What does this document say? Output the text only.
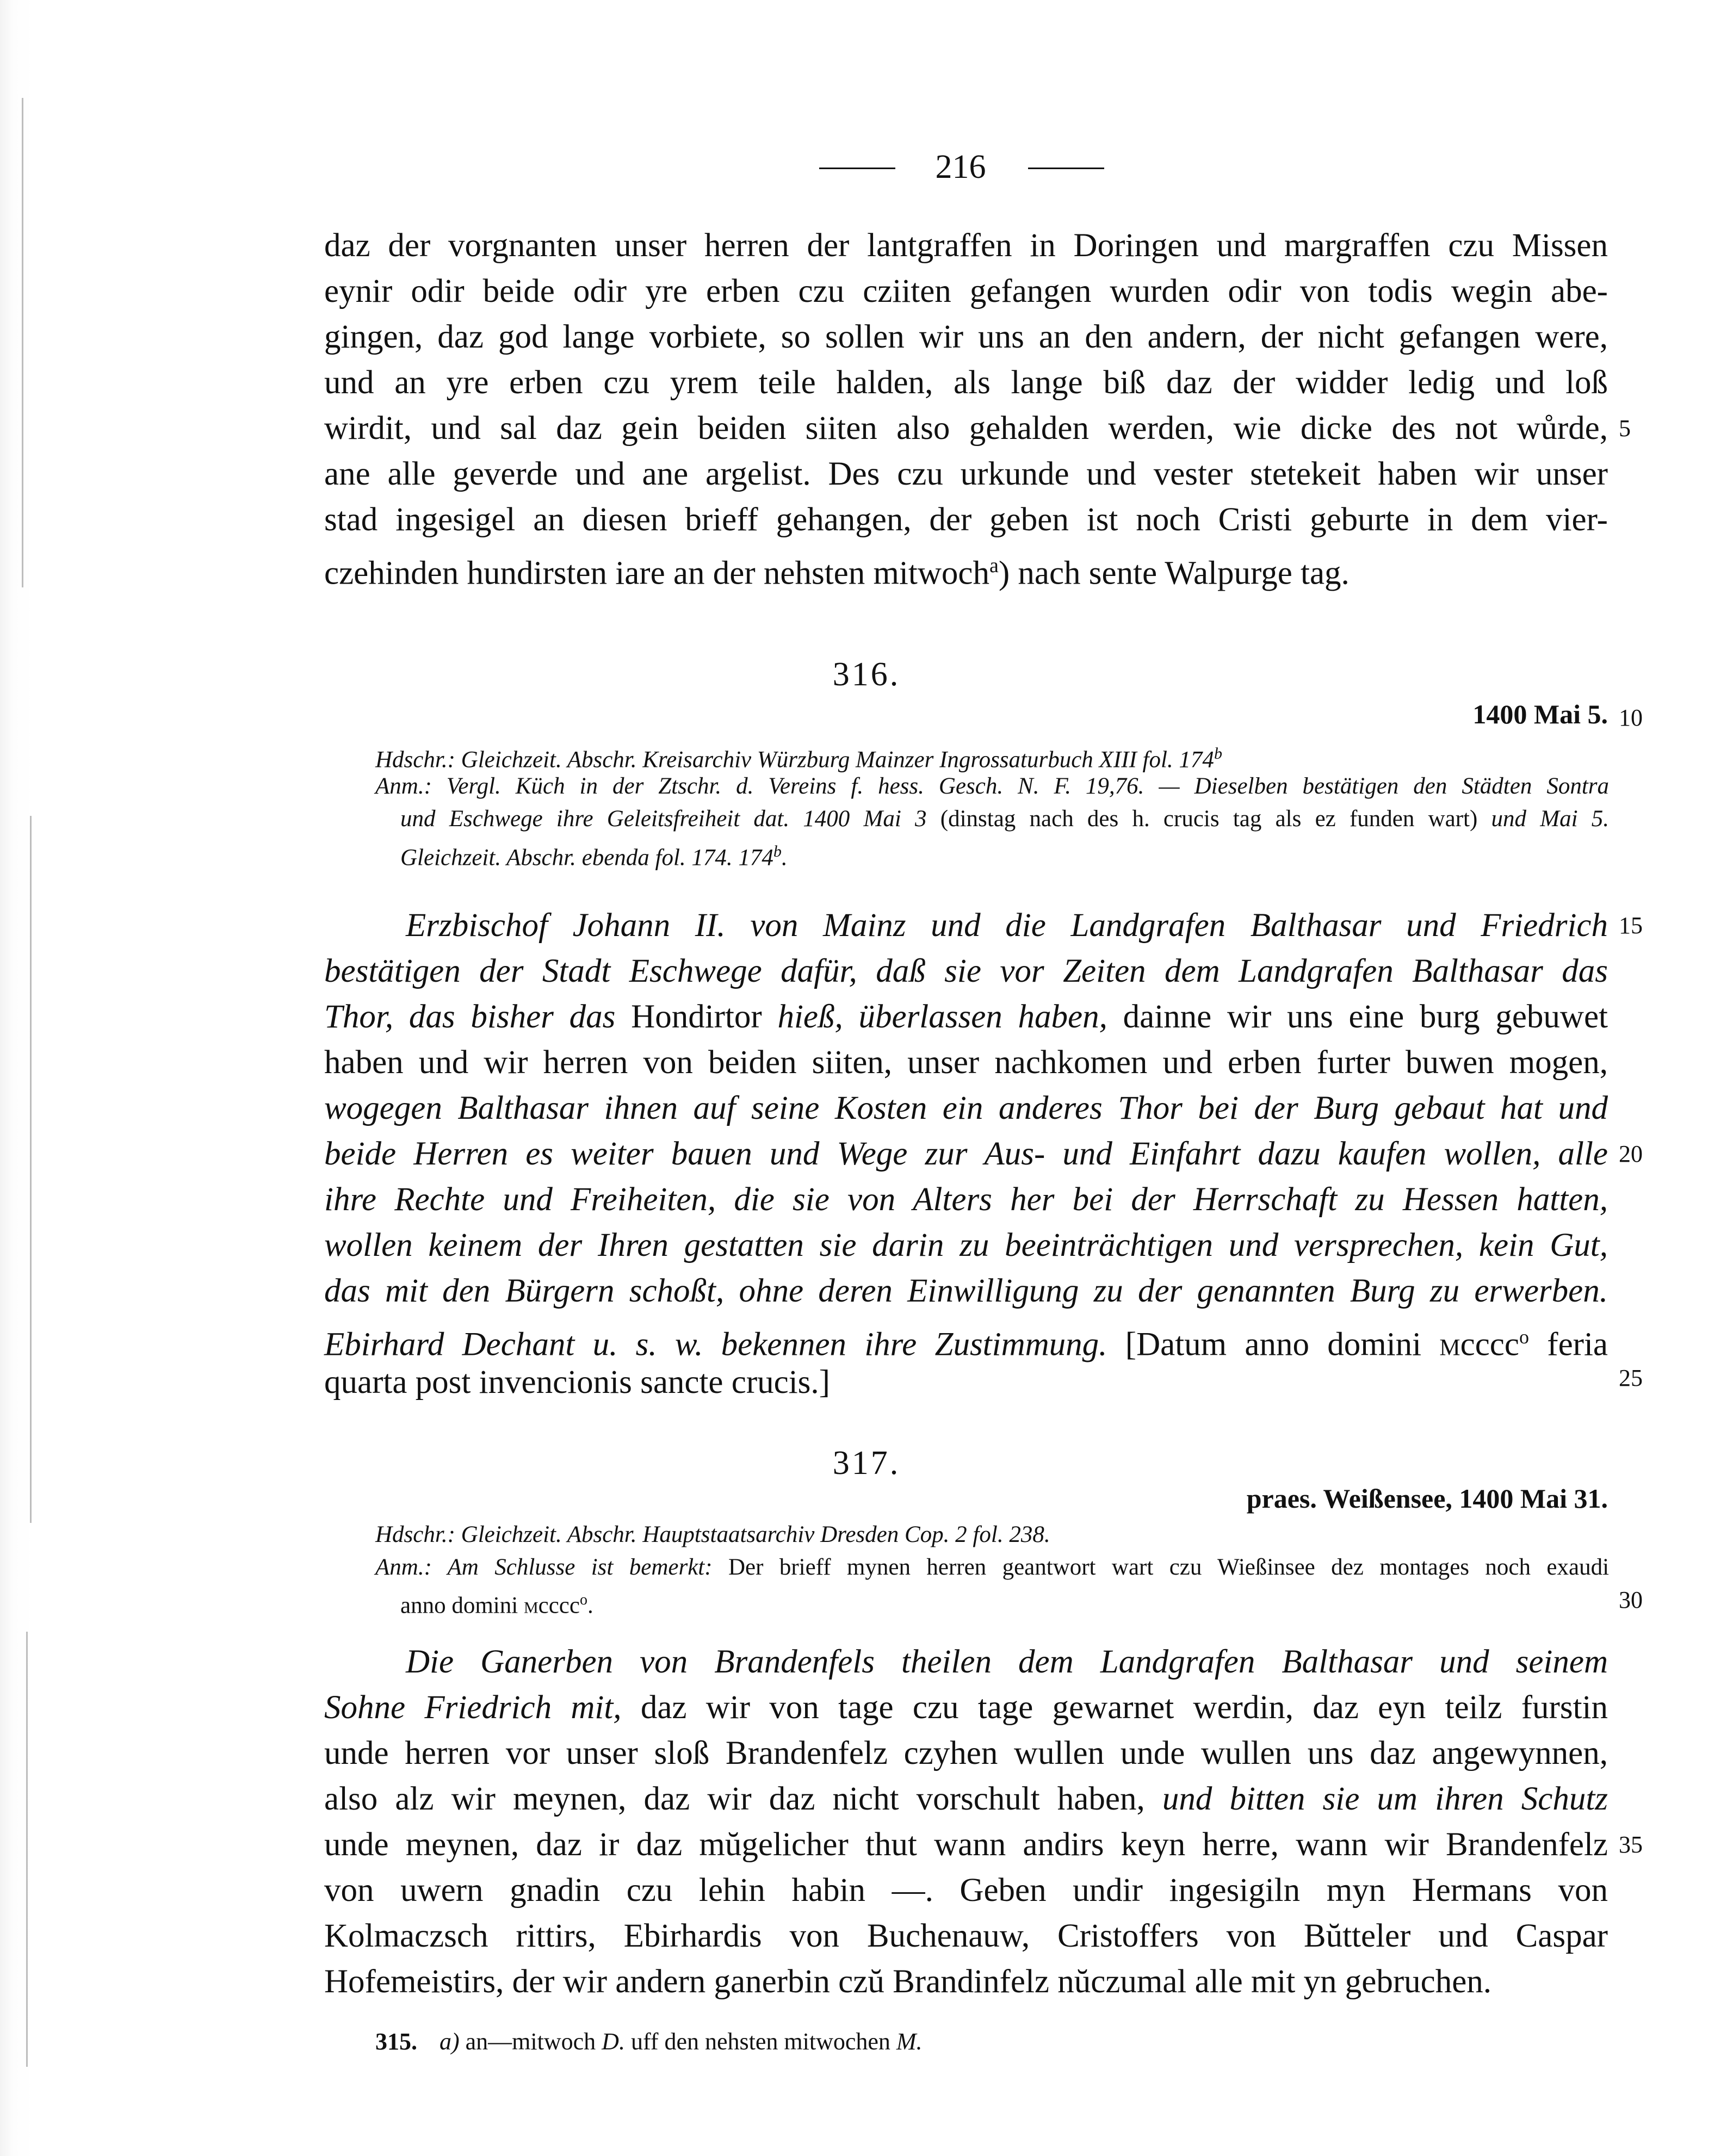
216
daz der vorgnanten unser herren der lantgraffen in Doringen und margraffen czu Missen
eynir odir beide odir yre erben czu cziiten gefangen wurden odir von todis wegin abe-
gingen, daz god lange vorbiete, so sollen wir uns an den andern, der nicht gefangen were,
und an yre erben czu yrem teile halden, als lange biß daz der widder ledig und loß
wirdit, und sal daz gein beiden siiten also gehalden werden, wie dicke des not wůrde,
ane alle geverde und ane argelist. Des czu urkunde und vester stetekeit haben wir unser
stad ingesigel an diesen brieff gehangen, der geben ist noch Cristi geburte in dem vier-
czehinden hundirsten iare an der nehsten mitwoch$^a$) nach sente Walpurge tag.
316.
1400 Mai 5.
Hdschr.: Gleichzeit. Abschr. Kreisarchiv Würzburg Mainzer Ingrossaturbuch XIII fol. 174$^b$
Anm.: Vergl. Küch in der Ztschr. d. Vereins f. hess. Gesch. N. F. 19,76. — Dieselben bestätigen den Städten Sontra
und Eschwege ihre Geleitsfreiheit dat. 1400 Mai 3 (dinstag nach des h. crucis tag als ez funden wart) und Mai 5.
Gleichzeit. Abschr. ebenda fol. 174. 174$^b$.
Erzbischof Johann II. von Mainz und die Landgrafen Balthasar und Friedrich
bestätigen der Stadt Eschwege dafür, daß sie vor Zeiten dem Landgrafen Balthasar das
Thor, das bisher das Hondirtor hieß, überlassen haben, dainne wir uns eine burg gebuwet
haben und wir herren von beiden siiten, unser nachkomen und erben furter buwen mogen,
wogegen Balthasar ihnen auf seine Kosten ein anderes Thor bei der Burg gebaut hat und
beide Herren es weiter bauen und Wege zur Aus- und Einfahrt dazu kaufen wollen, alle
ihre Rechte und Freiheiten, die sie von Alters her bei der Herrschaft zu Hessen hatten,
wollen keinem der Ihren gestatten sie darin zu beeinträchtigen und versprechen, kein Gut,
das mit den Bürgern schoßt, ohne deren Einwilligung zu der genannten Burg zu erwerben.
Ebirhard Dechant u. s. w. bekennen ihre Zustimmung. [Datum anno domini mcccc$^o$ feria
quarta post invencionis sancte crucis.]
317.
praes. Weißensee, 1400 Mai 31.
Hdschr.: Gleichzeit. Abschr. Hauptstaatsarchiv Dresden Cop. 2 fol. 238.
Anm.: Am Schlusse ist bemerkt: Der brieff mynen herren geantwort wart czu Wießinsee dez montages noch exaudi
anno domini mcccc$^o$.
Die Ganerben von Brandenfels theilen dem Landgrafen Balthasar und seinem
Sohne Friedrich mit, daz wir von tage czu tage gewarnet werdin, daz eyn teilz furstin
unde herren vor unser sloß Brandenfelz czyhen wullen unde wullen uns daz angewynnen,
also alz wir meynen, daz wir daz nicht vorschult haben, und bitten sie um ihren Schutz
unde meynen, daz ir daz mŭgelicher thut wann andirs keyn herre, wann wir Brandenfelz
von uwern gnadin czu lehin habin —. Geben undir ingesigiln myn Hermans von
Kolmaczsch rittirs, Ebirhardis von Buchenauw, Cristoffers von Bŭtteler und Caspar
Hofemeistirs, der wir andern ganerbin czŭ Brandinfelz nŭczumal alle mit yn gebruchen.
5
10
15
20
25
30
35
315. a) an—mitwoch D. uff den nehsten mitwochen M.
